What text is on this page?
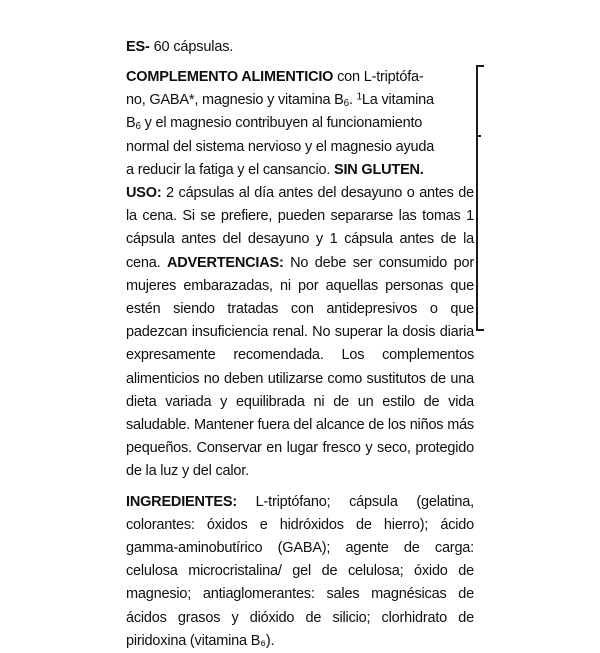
ES- 60 cápsulas.

COMPLEMENTO ALIMENTICIO con L-triptófa-

no, GABA*, magnesio y vitamina $B_6$. $^1$La vitamina

$B_6$ y el magnesio contribuyen al funcionamiento

normal del sistema nervioso y el magnesio ayuda

a reducir la fatiga y el cansancio. SIN GLUTEN.

USO: 2 cápsulas al día antes del desayuno o antes de la cena. Si se prefiere, pueden separarse las tomas 1 cápsula antes del desayuno y 1 cápsula antes de la cena. ADVERTENCIAS: No debe ser consumido por mujeres embarazadas, ni por aquellas personas que estén siendo tratadas con antidepresivos o que padezcan insuficiencia renal. No superar la dosis diaria expresamente recomendada. Los complementos alimenticios no deben utilizarse como sustitutos de una dieta variada y equilibrada ni de un estilo de vida saludable. Mantener fuera del alcance de los niños más pequeños. Conservar en lugar fresco y seco, protegido de la luz y del calor.

INGREDIENTES: L-triptófano; cápsula (gelatina, colorantes: óxidos e hidróxidos de hierro); ácido gamma-aminobutírico (GABA); agente de carga: celulosa microcristalina/ gel de celulosa; óxido de magnesio; antiaglomerantes: sales magnésicas de ácidos grasos y dióxido de silicio; clorhidrato de piridoxina (vitamina B₆).
